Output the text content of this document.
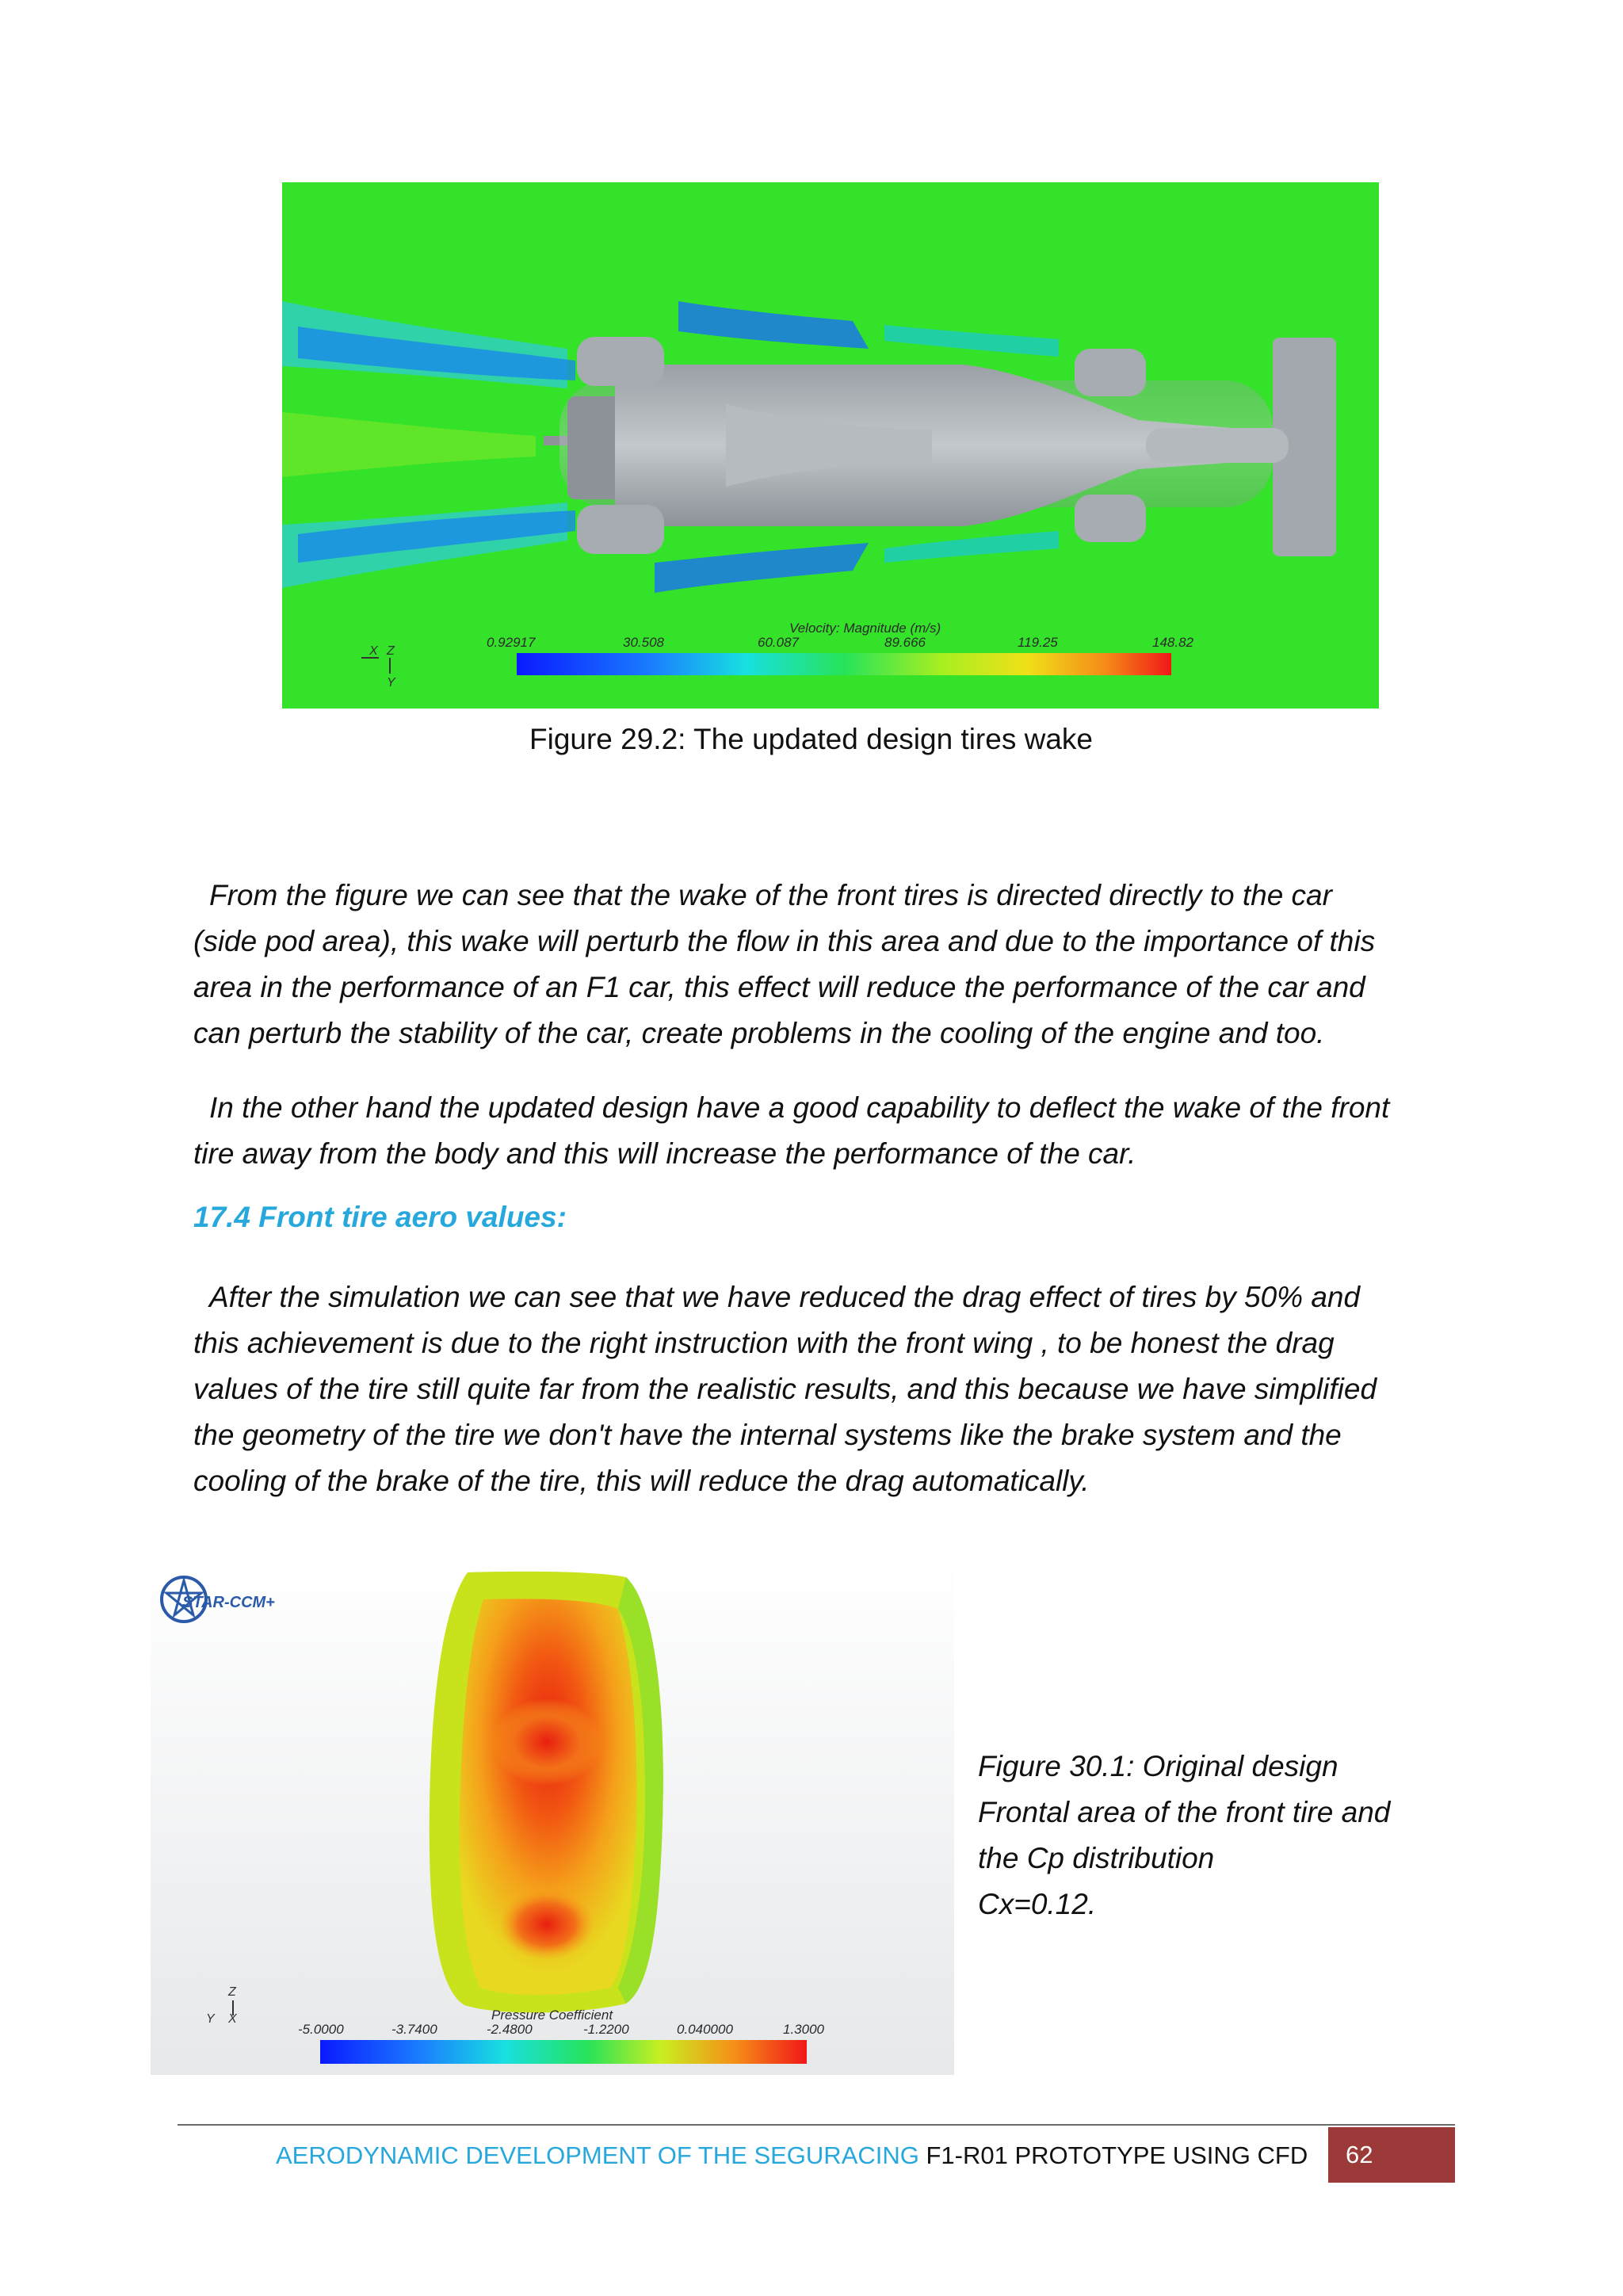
Velocity: Magnitude (m/s)
0.92917	30.508	60.087	89.666	119.25	148.82
X Z
Y
Figure 29.2: The updated design tires wake
From the figure we can see that the wake of the front tires is directed directly to the car
(side pod area), this wake will perturb the flow in this area and due to the importance of this
area in the performance of an F1 car, this effect will reduce the performance of the car and
can perturb the stability of the car, create problems in the cooling of the engine and too.
In the other hand the updated design have a good capability to deflect the wake of the front
tire away from the body and this will increase the performance of the car.
17.4 Front tire aero values:
After the simulation we can see that we have reduced the drag effect of tires by 50% and
this achievement is due to the right instruction with the front wing , to be honest the drag
values of the tire still quite far from the realistic results, and this because we have simplified
the geometry of the tire we don't have the internal systems like the brake system and the
cooling of the brake of the tire, this will reduce the drag automatically.
STAR-CCM+
Z
Y X	Pressure Coefficient
-5.0000	-3.7400	-2.4800	-1.2200	0.040000	1.3000
Figure 30.1: Original design
Frontal area of the front tire and
the Cp distribution
Cx=0.12.
AERODYNAMIC DEVELOPMENT OF THE SEGURACING F1-R01 PROTOTYPE USING CFD	62
